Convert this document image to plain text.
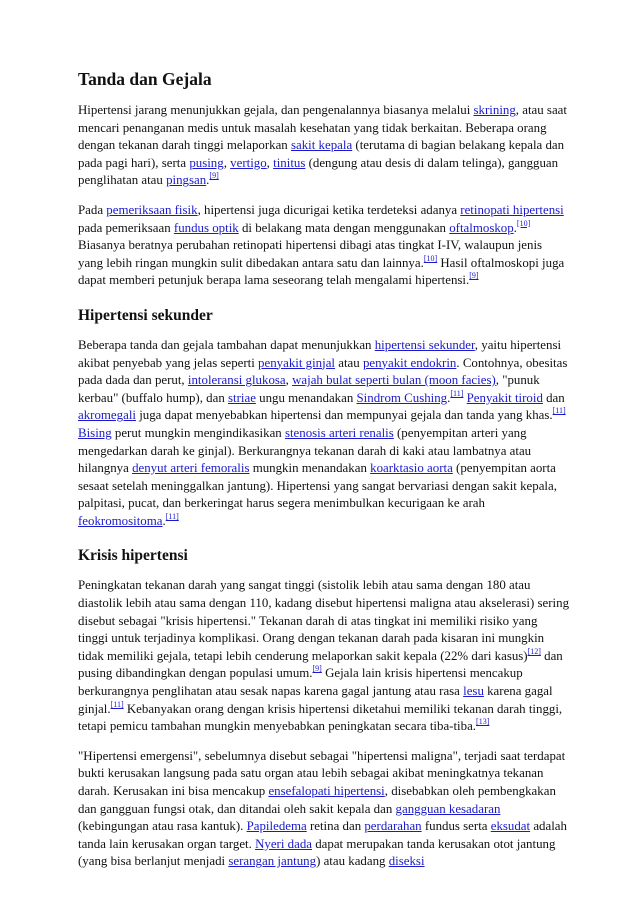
Tanda dan Gejala

Hipertensi jarang menunjukkan gejala, dan pengenalannya biasanya melalui skrining, atau saat mencari penanganan medis untuk masalah kesehatan yang tidak berkaitan. Beberapa orang dengan tekanan darah tinggi melaporkan sakit kepala (terutama di bagian belakang kepala dan pada pagi hari), serta pusing, vertigo, tinitus (dengung atau desis di dalam telinga), gangguan penglihatan atau pingsan.[9]

Pada pemeriksaan fisik, hipertensi juga dicurigai ketika terdeteksi adanya retinopati hipertensi pada pemeriksaan fundus optik di belakang mata dengan menggunakan oftalmoskop.[10] Biasanya beratnya perubahan retinopati hipertensi dibagi atas tingkat I-IV, walaupun jenis yang lebih ringan mungkin sulit dibedakan antara satu dan lainnya.[10] Hasil oftalmoskopi juga dapat memberi petunjuk berapa lama seseorang telah mengalami hipertensi.[9]

Hipertensi sekunder

Beberapa tanda dan gejala tambahan dapat menunjukkan hipertensi sekunder, yaitu hipertensi akibat penyebab yang jelas seperti penyakit ginjal atau penyakit endokrin. Contohnya, obesitas pada dada dan perut, intoleransi glukosa, wajah bulat seperti bulan (moon facies), "punuk kerbau" (buffalo hump), dan striae ungu menandakan Sindrom Cushing.[11] Penyakit tiroid dan akromegali juga dapat menyebabkan hipertensi dan mempunyai gejala dan tanda yang khas.[11] Bising perut mungkin mengindikasikan stenosis arteri renalis (penyempitan arteri yang mengedarkan darah ke ginjal). Berkurangnya tekanan darah di kaki atau lambatnya atau hilangnya denyut arteri femoralis mungkin menandakan koarktasio aorta (penyempitan aorta sesaat setelah meninggalkan jantung). Hipertensi yang sangat bervariasi dengan sakit kepala, palpitasi, pucat, dan berkeringat harus segera menimbulkan kecurigaan ke arah feokromositoma.[11]

Krisis hipertensi

Peningkatan tekanan darah yang sangat tinggi (sistolik lebih atau sama dengan 180 atau diastolik lebih atau sama dengan 110, kadang disebut hipertensi maligna atau akselerasi) sering disebut sebagai "krisis hipertensi." Tekanan darah di atas tingkat ini memiliki risiko yang tinggi untuk terjadinya komplikasi. Orang dengan tekanan darah pada kisaran ini mungkin tidak memiliki gejala, tetapi lebih cenderung melaporkan sakit kepala (22% dari kasus)[12] dan pusing dibandingkan dengan populasi umum.[9] Gejala lain krisis hipertensi mencakup berkurangnya penglihatan atau sesak napas karena gagal jantung atau rasa lesu karena gagal ginjal.[11] Kebanyakan orang dengan krisis hipertensi diketahui memiliki tekanan darah tinggi, tetapi pemicu tambahan mungkin menyebabkan peningkatan secara tiba-tiba.[13]

"Hipertensi emergensi", sebelumnya disebut sebagai "hipertensi maligna", terjadi saat terdapat bukti kerusakan langsung pada satu organ atau lebih sebagai akibat meningkatnya tekanan darah. Kerusakan ini bisa mencakup ensefalopati hipertensi, disebabkan oleh pembengkakan dan gangguan fungsi otak, dan ditandai oleh sakit kepala dan gangguan kesadaran (kebingungan atau rasa kantuk). Papiledema retina dan perdarahan fundus serta eksudat adalah tanda lain kerusakan organ target. Nyeri dada dapat merupakan tanda kerusakan otot jantung (yang bisa berlanjut menjadi serangan jantung) atau kadang diseksi
